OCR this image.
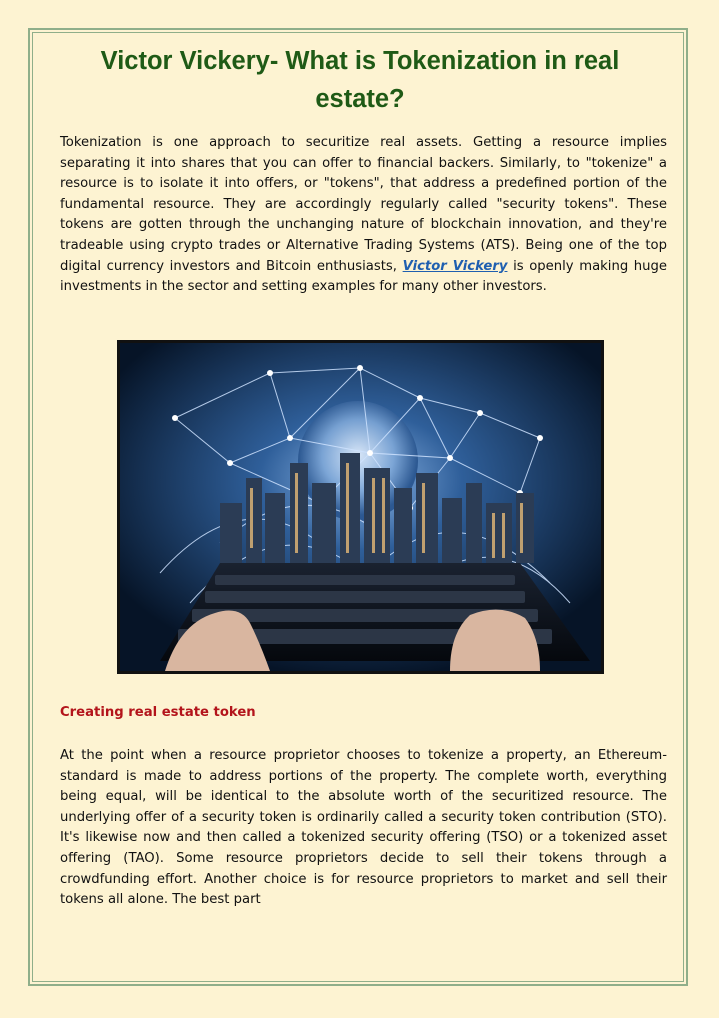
Victor Vickery- What is Tokenization in real estate?

Tokenization is one approach to securitize real assets. Getting a resource implies separating it into shares that you can offer to financial backers. Similarly, to "tokenize" a resource is to isolate it into offers, or "tokens", that address a predefined portion of the fundamental resource. They are accordingly regularly called "security tokens". These tokens are gotten through the unchanging nature of blockchain innovation, and they're tradeable using crypto trades or Alternative Trading Systems (ATS). Being one of the top digital currency investors and Bitcoin enthusiasts, Victor Vickery is openly making huge investments in the sector and setting examples for many other investors.

Creating real estate token

At the point when a resource proprietor chooses to tokenize a property, an Ethereum-standard is made to address portions of the property. The complete worth, everything being equal, will be identical to the absolute worth of the securitized resource. The underlying offer of a security token is ordinarily called a security token contribution (STO). It's likewise now and then called a tokenized security offering (TSO) or a tokenized asset offering (TAO). Some resource proprietors decide to sell their tokens through a crowdfunding effort. Another choice is for resource proprietors to market and sell their tokens all alone. The best part
